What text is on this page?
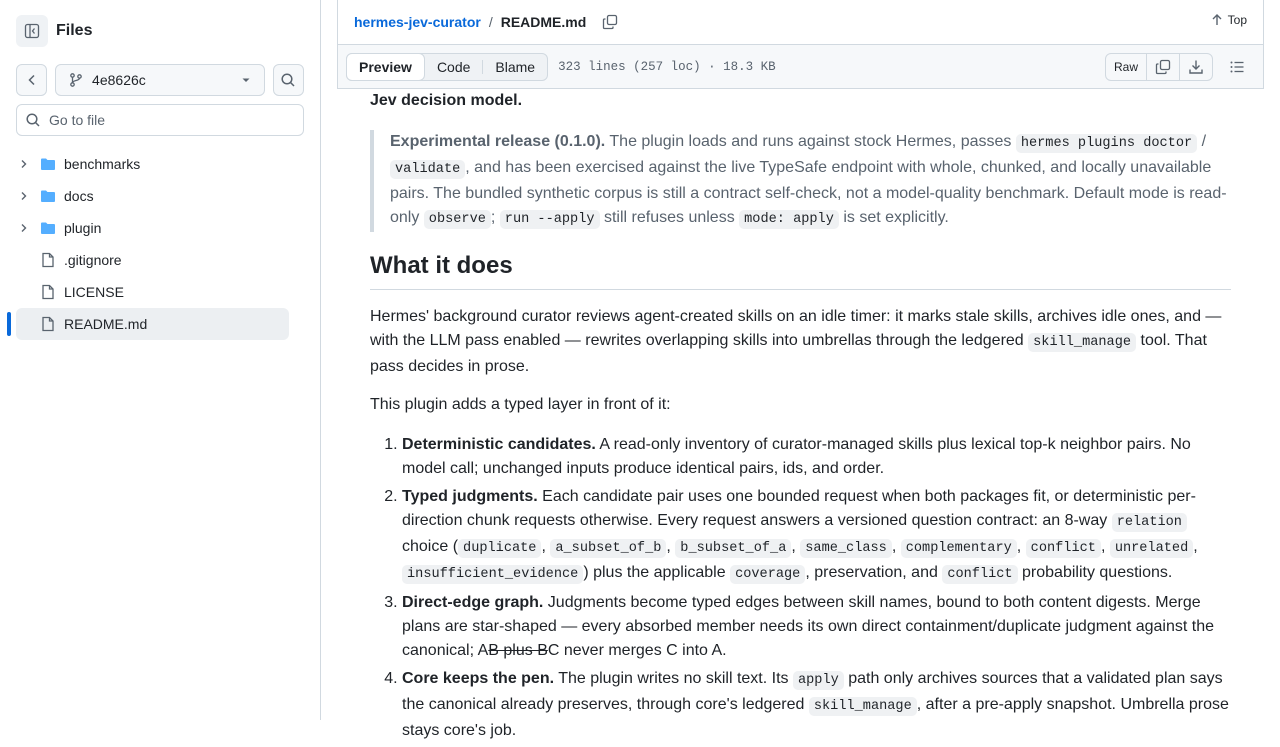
Files
4e8626c
Go to file
benchmarks
docs
plugin
.gitignore
LICENSE
README.md
hermes-jev-curator / README.md	Top
Preview	Code	Blame	323 lines (257 loc) · 18.3 KB	Raw
Jev decision model.
Experimental release (0.1.0). The plugin loads and runs against stock Hermes, passes hermes plugins doctor / validate , and has been exercised against the live TypeSafe endpoint with whole, chunked, and locally unavailable pairs. The bundled synthetic corpus is still a contract self-check, not a model-quality benchmark. Default mode is read-only observe ; run --apply still refuses unless mode: apply is set explicitly.
What it does
Hermes' background curator reviews agent-created skills on an idle timer: it marks stale skills, archives idle ones, and — with the LLM pass enabled — rewrites overlapping skills into umbrellas through the ledgered skill_manage tool. That pass decides in prose.
This plugin adds a typed layer in front of it:
1. Deterministic candidates. A read-only inventory of curator-managed skills plus lexical top-k neighbor pairs. No model call; unchanged inputs produce identical pairs, ids, and order.
2. Typed judgments. Each candidate pair uses one bounded request when both packages fit, or deterministic per-direction chunk requests otherwise. Every request answers a versioned question contract: an 8-way relation choice ( duplicate , a_subset_of_b , b_subset_of_a , same_class , complementary , conflict , unrelated , insufficient_evidence ) plus the applicable coverage , preservation, and conflict probability questions.
3. Direct-edge graph. Judgments become typed edges between skill names, bound to both content digests. Merge plans are star-shaped — every absorbed member needs its own direct containment/duplicate judgment against the canonical; AB plus BC never merges C into A.
4. Core keeps the pen. The plugin writes no skill text. Its apply path only archives sources that a validated plan says the canonical already preserves, through core's ledgered skill_manage , after a pre-apply snapshot. Umbrella prose stays core's job.
